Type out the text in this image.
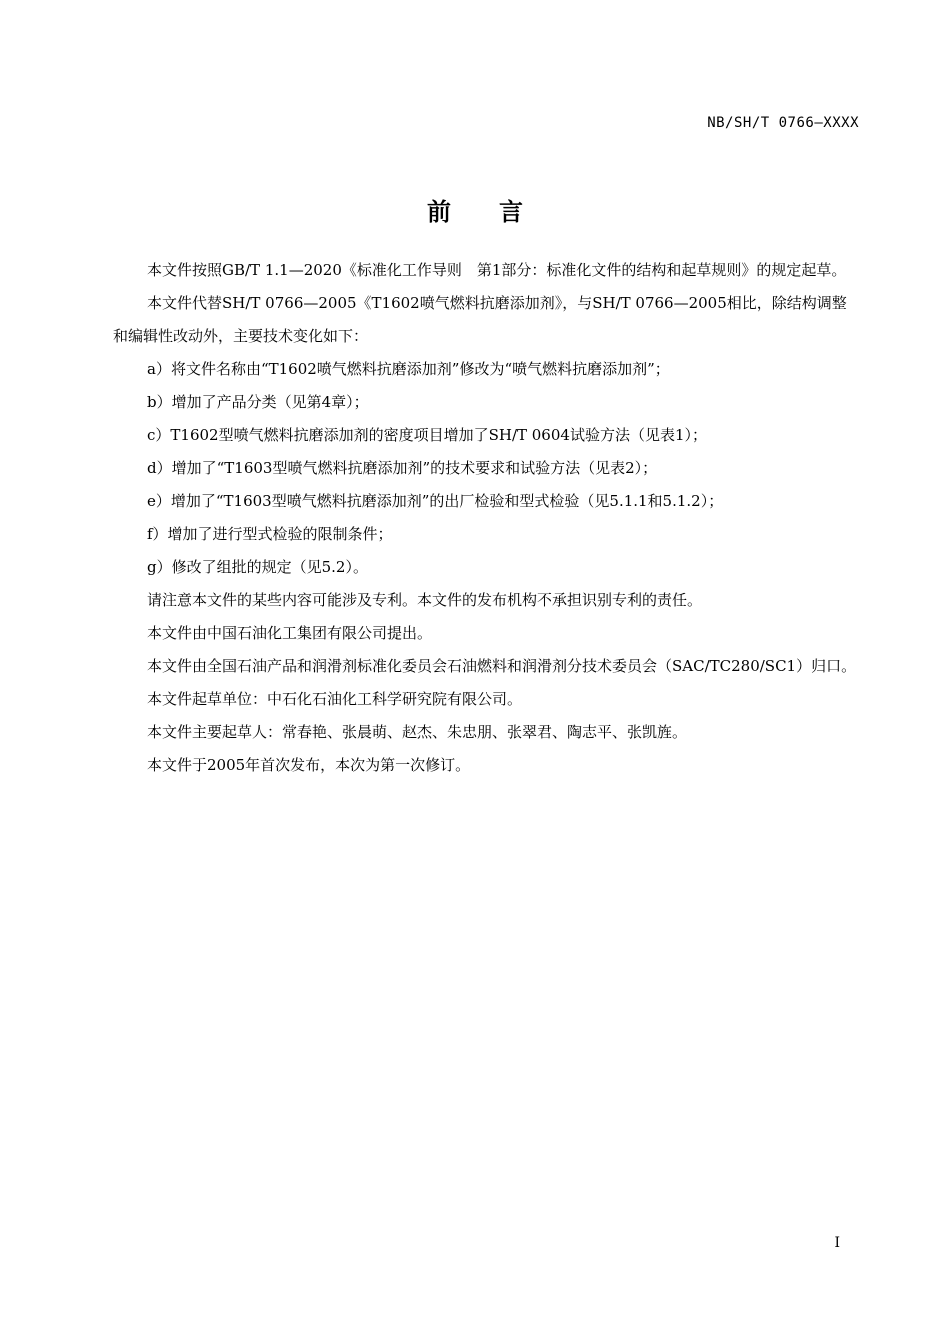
NB/SH/T 0766—XXXX
前言

本文件按照GB/T 1.1—2020《标准化工作导则　第1部分：标准化文件的结构和起草规则》的规定起草。

本文件代替SH/T 0766—2005《T1602喷气燃料抗磨添加剂》，与SH/T 0766—2005相比，除结构调整和编辑性改动外，主要技术变化如下：

a）将文件名称由“T1602喷气燃料抗磨添加剂”修改为“喷气燃料抗磨添加剂”；

b）增加了产品分类（见第4章）；

c）T1602型喷气燃料抗磨添加剂的密度项目增加了SH/T 0604试验方法（见表1）；

d）增加了“T1603型喷气燃料抗磨添加剂”的技术要求和试验方法（见表2）；

e）增加了“T1603型喷气燃料抗磨添加剂”的出厂检验和型式检验（见5.1.1和5.1.2）；

f）增加了进行型式检验的限制条件；

g）修改了组批的规定（见5.2）。

请注意本文件的某些内容可能涉及专利。本文件的发布机构不承担识别专利的责任。

本文件由中国石油化工集团有限公司提出。

本文件由全国石油产品和润滑剂标准化委员会石油燃料和润滑剂分技术委员会（SAC/TC280/SC1）归口。

本文件起草单位：中石化石油化工科学研究院有限公司。

本文件主要起草人：常春艳、张晨萌、赵杰、朱忠朋、张翠君、陶志平、张凯旌。

本文件于2005年首次发布，本次为第一次修订。

I
